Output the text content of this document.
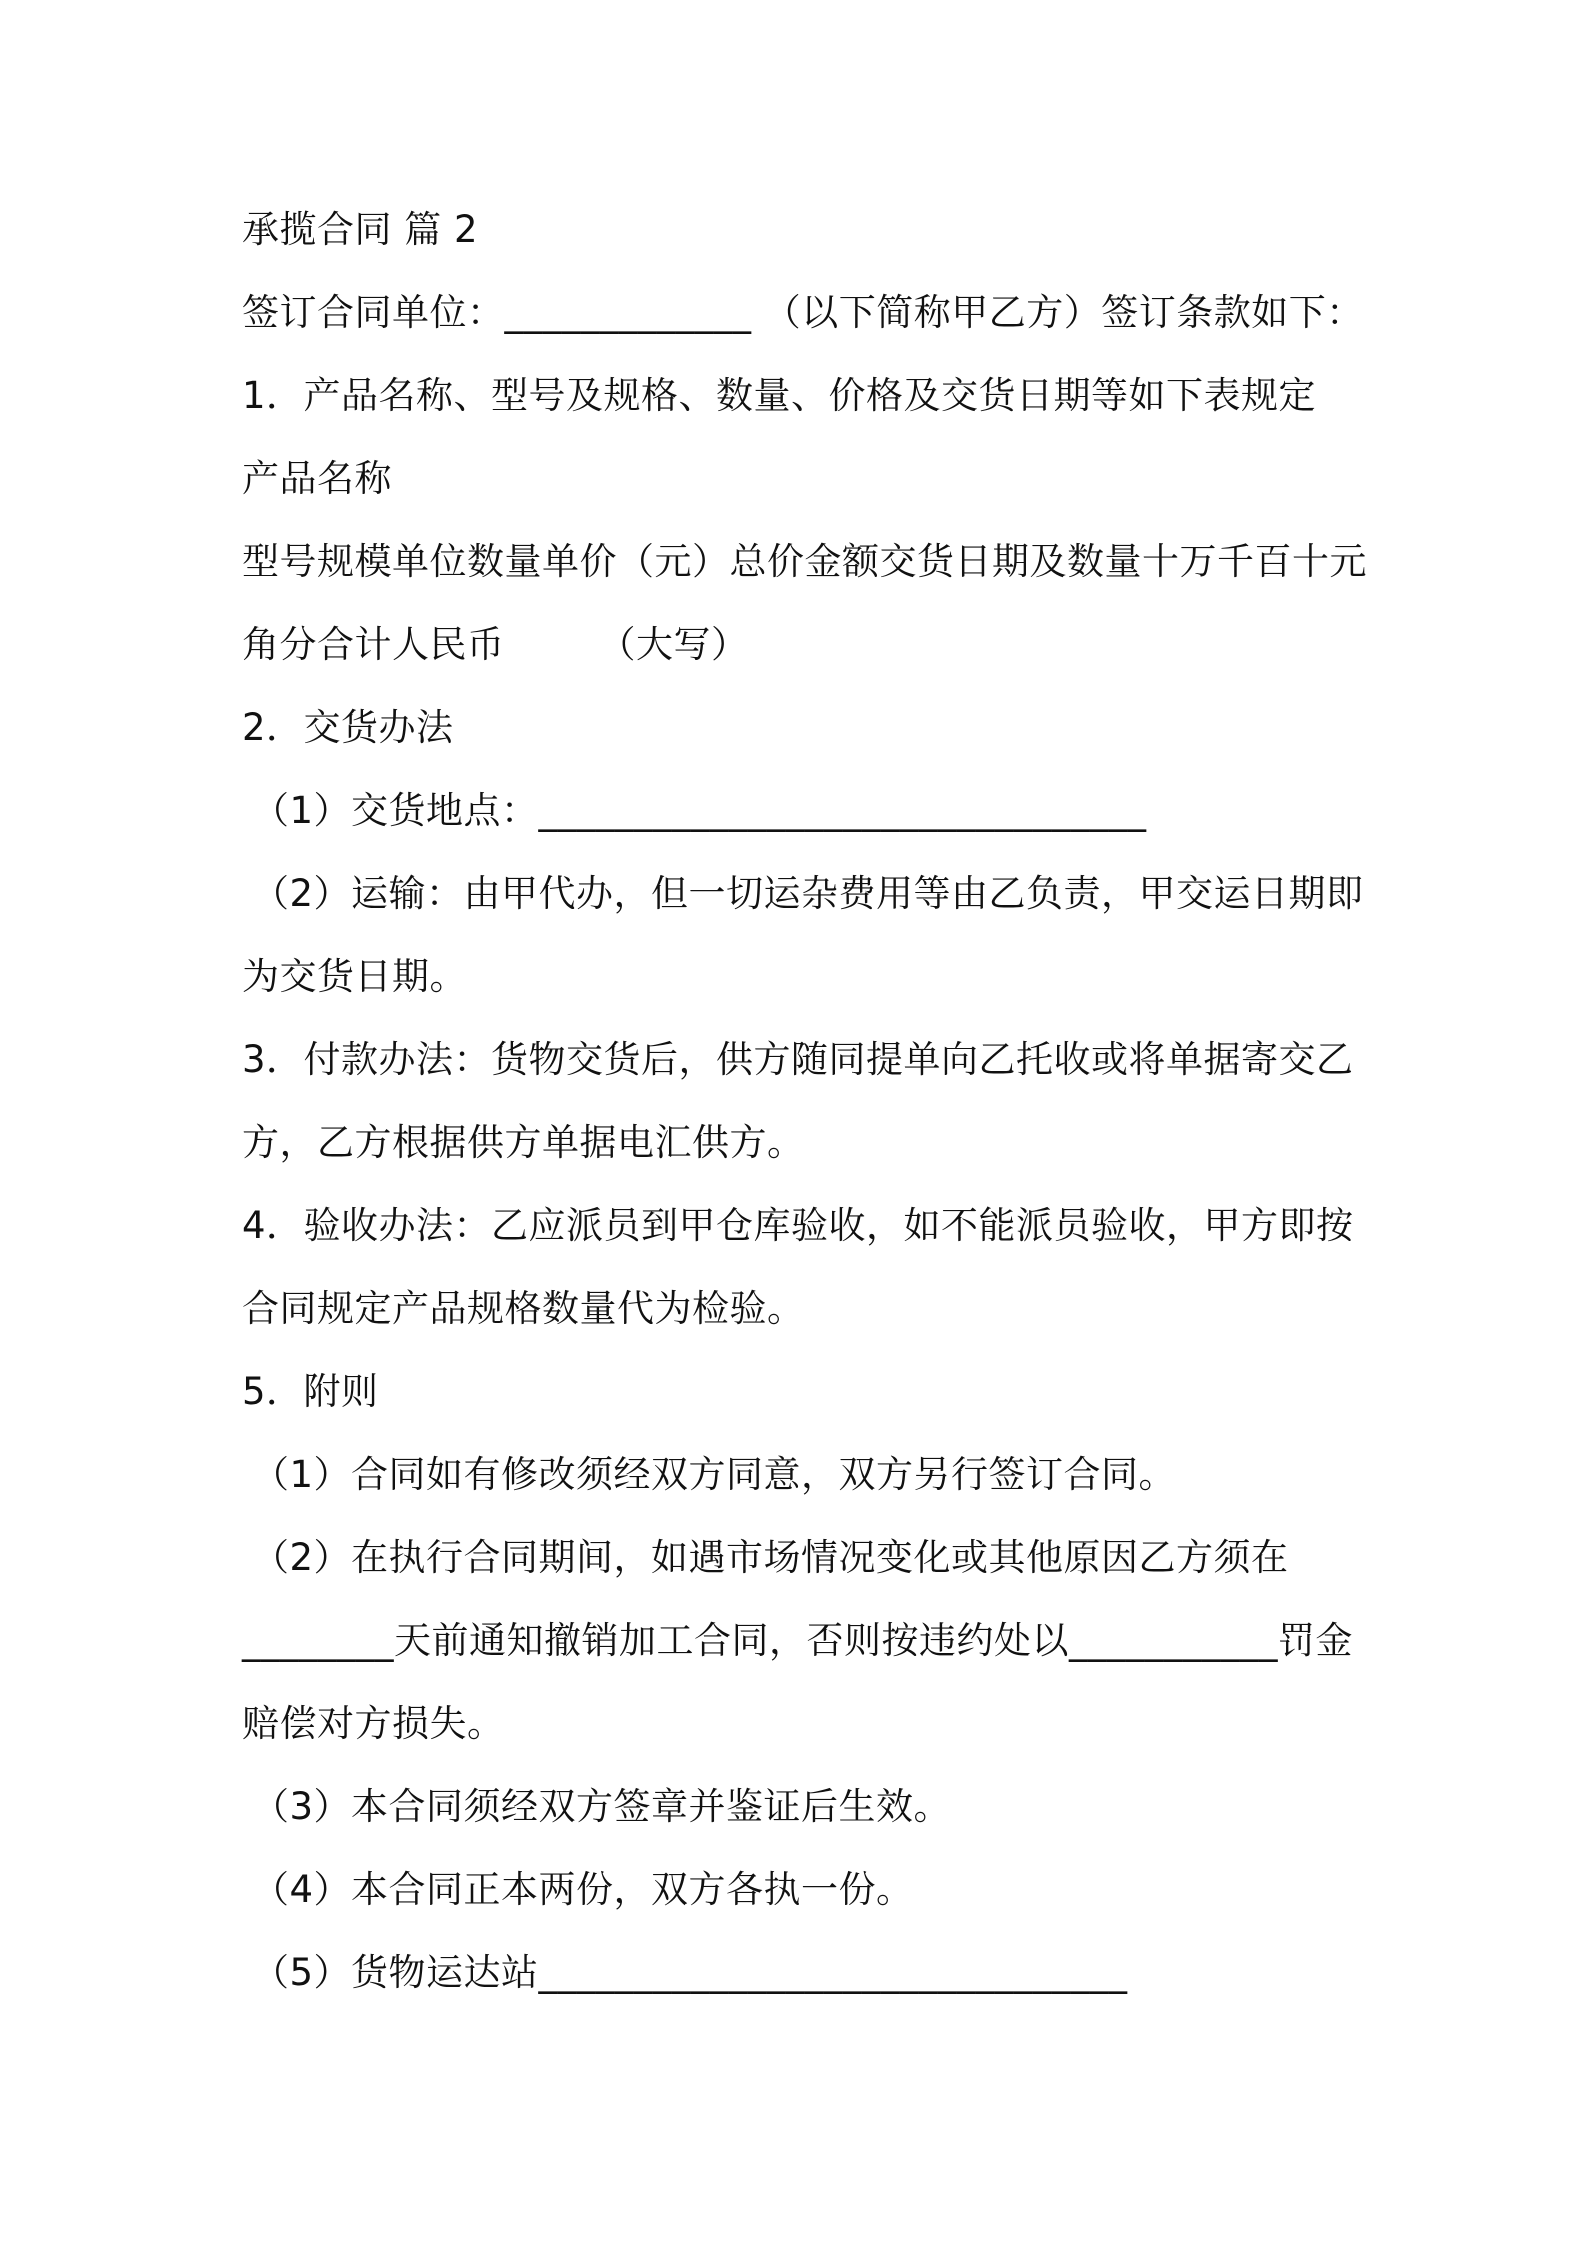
承揽合同 篇 2
签订合同单位：_____________ （以下简称甲乙方）签订条款如下：
1．产品名称、型号及规格、数量、价格及交货日期等如下表规定
产品名称
型号规模单位数量单价（元）总价金额交货日期及数量十万千百十元
角分合计人民币　　　（大写）
2．交货办法
（1）交货地点：________________________________
（2）运输：由甲代办，但一切运杂费用等由乙负责，甲交运日期即
为交货日期。
3．付款办法：货物交货后，供方随同提单向乙托收或将单据寄交乙
方，乙方根据供方单据电汇供方。
4．验收办法：乙应派员到甲仓库验收，如不能派员验收，甲方即按
合同规定产品规格数量代为检验。
5．附则
（1）合同如有修改须经双方同意，双方另行签订合同。
（2）在执行合同期间，如遇市场情况变化或其他原因乙方须在
________天前通知撤销加工合同，否则按违约处以___________罚金
赔偿对方损失。
（3）本合同须经双方签章并鉴证后生效。
（4）本合同正本两份，双方各执一份。
（5）货物运达站_______________________________
